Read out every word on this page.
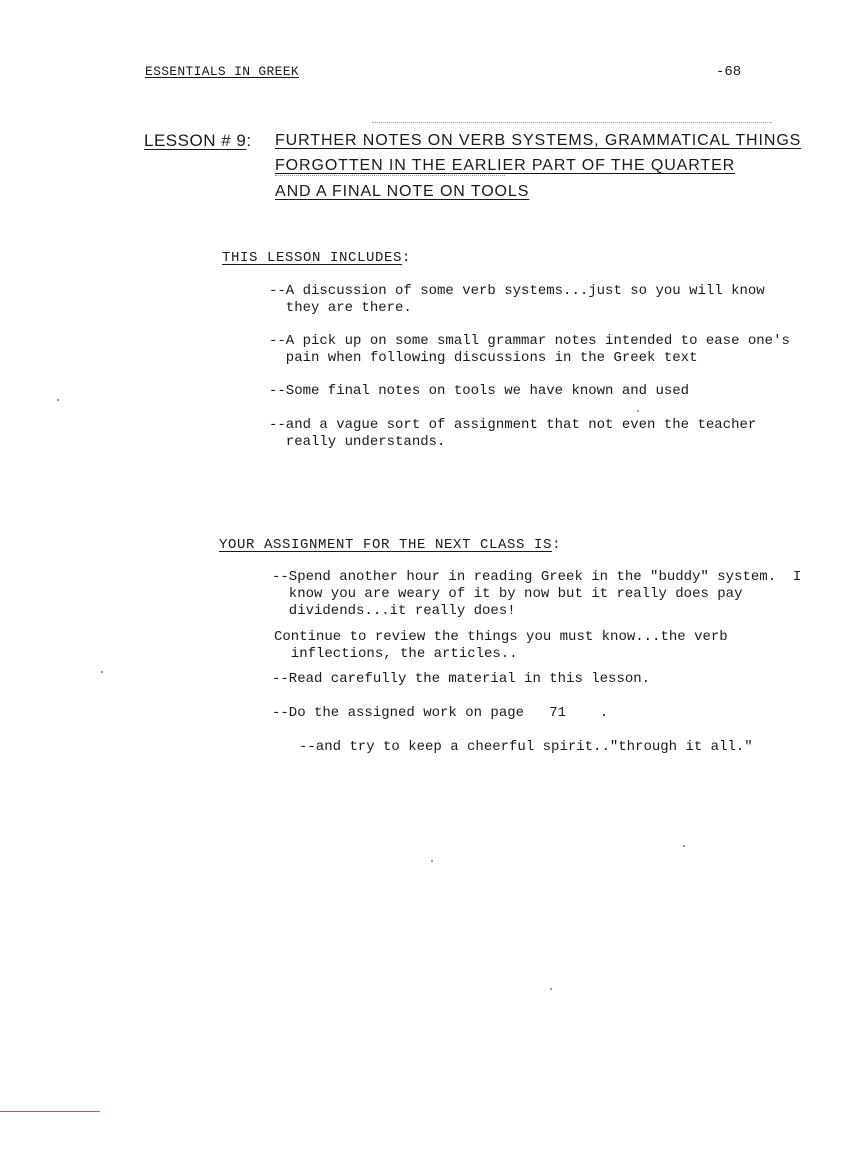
ESSENTIALS IN GREEK	-68
LESSON # 9: FURTHER NOTES ON VERB SYSTEMS, GRAMMATICAL THINGS
FORGOTTEN IN THE EARLIER PART OF THE QUARTER
AND A FINAL NOTE ON TOOLS
THIS LESSON INCLUDES:
--A discussion of some verb systems...just so you will know
they are there.
--A pick up on some small grammar notes intended to ease one's
pain when following discussions in the Greek text
--Some final notes on tools we have known and used
--and a vague sort of assignment that not even the teacher
really understands.
YOUR ASSIGNMENT FOR THE NEXT CLASS IS:
--Spend another hour in reading Greek in the "buddy" system.  I
know you are weary of it by now but it really does pay
dividends...it really does!
Continue to review the things you must know...the verb
inflections, the articles..
--Read carefully the material in this lesson.
--Do the assigned work on page   71    .
--and try to keep a cheerful spirit.."through it all."
